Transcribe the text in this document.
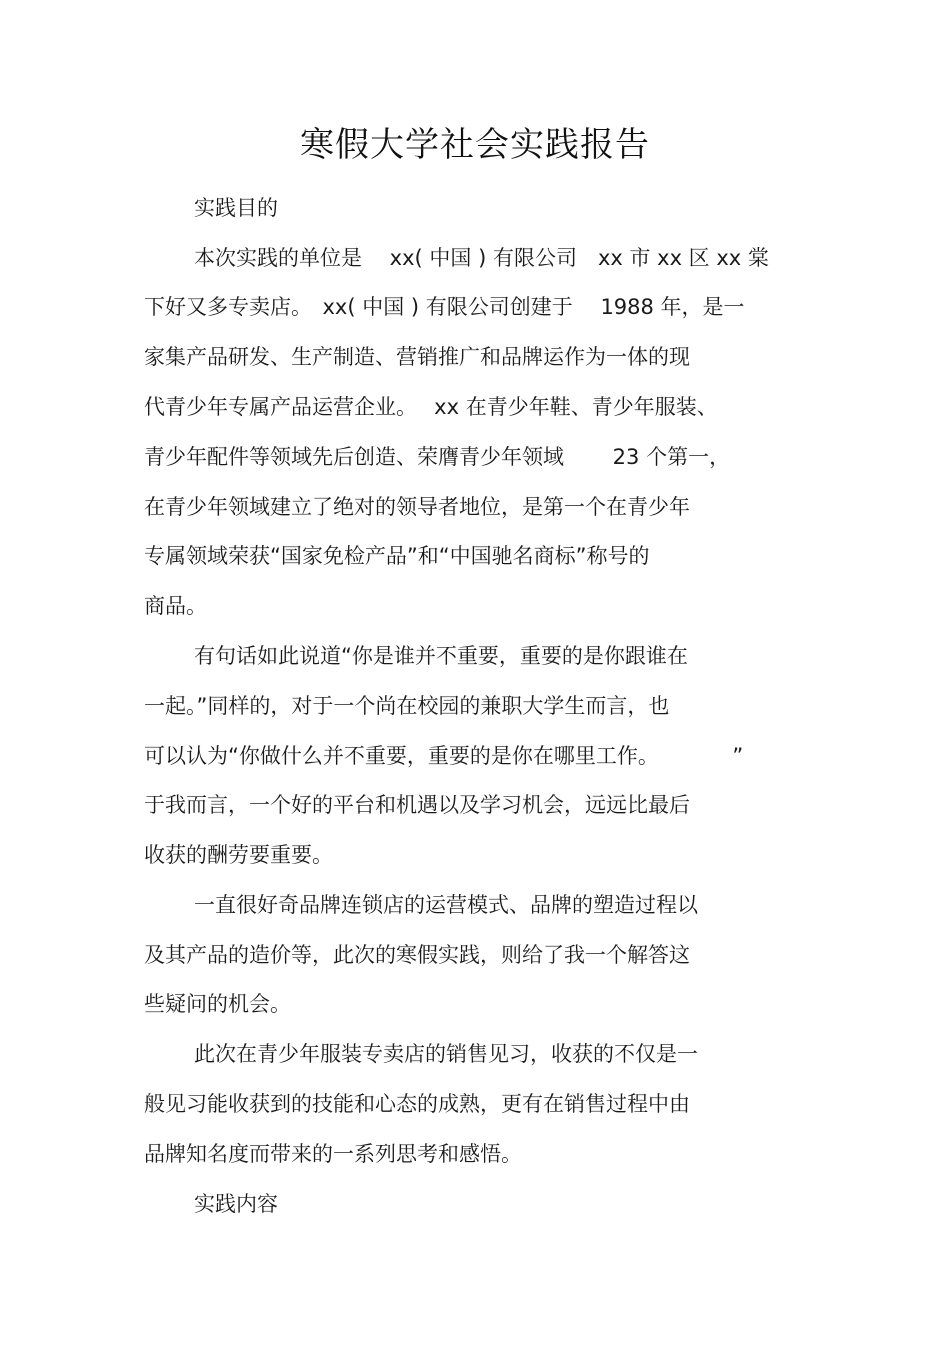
寒假大学社会实践报告

实践目的

本次实践的单位是　 xx( 中国 ) 有限公司　xx 市 xx 区 xx 棠

下好又多专卖店。　xx( 中国 ) 有限公司创建于　 1988 年，是一

家集产品研发、生产制造、营销推广和品牌运作为一体的现

代青少年专属产品运营企业。　 xx 在青少年鞋、青少年服装、

青少年配件等领域先后创造、荣膺青少年领域　　 23 个第一，

在青少年领域建立了绝对的领导者地位，是第一个在青少年

专属领域荣获“国家免检产品”和“中国驰名商标”称号的

商品。

有句话如此说道“你是谁并不重要，重要的是你跟谁在

一起。”同样的，对于一个尚在校园的兼职大学生而言，也

可以认为“你做什么并不重要，重要的是你在哪里工作。　　　　”

于我而言，一个好的平台和机遇以及学习机会，远远比最后

收获的酬劳要重要。

一直很好奇品牌连锁店的运营模式、品牌的塑造过程以

及其产品的造价等，此次的寒假实践，则给了我一个解答这

些疑问的机会。

此次在青少年服装专卖店的销售见习，收获的不仅是一

般见习能收获到的技能和心态的成熟，更有在销售过程中由

品牌知名度而带来的一系列思考和感悟。

实践内容
